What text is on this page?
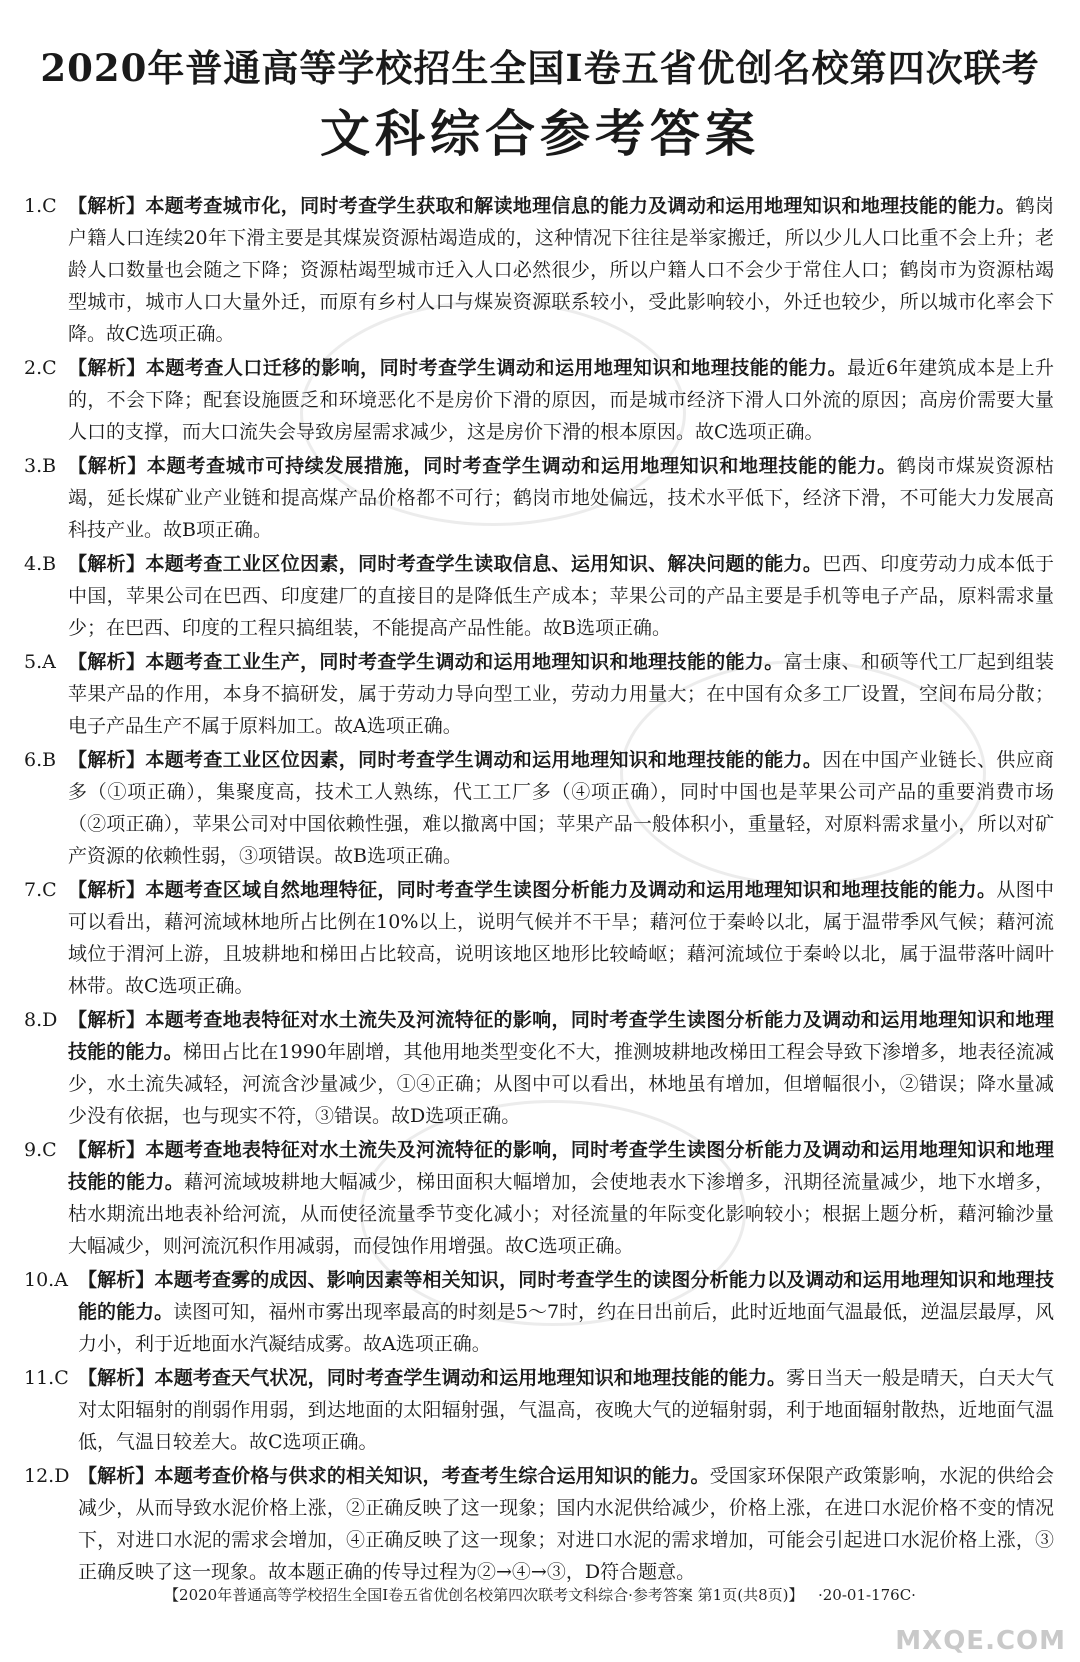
2020年普通高等学校招生全国Ⅰ卷五省优创名校第四次联考
文科综合参考答案
1.C 【解析】本题考查城市化，同时考查学生获取和解读地理信息的能力及调动和运用地理知识和地理技能的能力。鹤岗户籍人口连续20年下滑主要是其煤炭资源枯竭造成的，这种情况下往往是举家搬迁，所以少儿人口比重不会上升；老龄人口数量也会随之下降；资源枯竭型城市迁入人口必然很少，所以户籍人口不会少于常住人口；鹤岗市为资源枯竭型城市，城市人口大量外迁，而原有乡村人口与煤炭资源联系较小，受此影响较小，外迁也较少，所以城市化率会下降。故C选项正确。
2.C 【解析】本题考查人口迁移的影响，同时考查学生调动和运用地理知识和地理技能的能力。最近6年建筑成本是上升的，不会下降；配套设施匮乏和环境恶化不是房价下滑的原因，而是城市经济下滑人口外流的原因；高房价需要大量人口的支撑，而大口流失会导致房屋需求减少，这是房价下滑的根本原因。故C选项正确。
3.B 【解析】本题考查城市可持续发展措施，同时考查学生调动和运用地理知识和地理技能的能力。鹤岗市煤炭资源枯竭，延长煤矿业产业链和提高煤产品价格都不可行；鹤岗市地处偏远，技术水平低下，经济下滑，不可能大力发展高科技产业。故B项正确。
4.B 【解析】本题考查工业区位因素，同时考查学生读取信息、运用知识、解决问题的能力。巴西、印度劳动力成本低于中国，苹果公司在巴西、印度建厂的直接目的是降低生产成本；苹果公司的产品主要是手机等电子产品，原料需求量少；在巴西、印度的工程只搞组装，不能提高产品性能。故B选项正确。
5.A 【解析】本题考查工业生产，同时考查学生调动和运用地理知识和地理技能的能力。富士康、和硕等代工厂起到组装苹果产品的作用，本身不搞研发，属于劳动力导向型工业，劳动力用量大；在中国有众多工厂设置，空间布局分散；电子产品生产不属于原料加工。故A选项正确。
6.B 【解析】本题考查工业区位因素，同时考查学生调动和运用地理知识和地理技能的能力。因在中国产业链长、供应商多（①项正确），集聚度高，技术工人熟练，代工工厂多（④项正确），同时中国也是苹果公司产品的重要消费市场（②项正确），苹果公司对中国依赖性强，难以撤离中国；苹果产品一般体积小，重量轻，对原料需求量小，所以对矿产资源的依赖性弱，③项错误。故B选项正确。
7.C 【解析】本题考查区域自然地理特征，同时考查学生读图分析能力及调动和运用地理知识和地理技能的能力。从图中可以看出，藉河流域林地所占比例在10%以上，说明气候并不干旱；藉河位于秦岭以北，属于温带季风气候；藉河流域位于渭河上游，且坡耕地和梯田占比较高，说明该地区地形比较崎岖；藉河流域位于秦岭以北，属于温带落叶阔叶林带。故C选项正确。
8.D 【解析】本题考查地表特征对水土流失及河流特征的影响，同时考查学生读图分析能力及调动和运用地理知识和地理技能的能力。梯田占比在1990年剧增，其他用地类型变化不大，推测坡耕地改梯田工程会导致下渗增多，地表径流减少，水土流失减轻，河流含沙量减少，①④正确；从图中可以看出，林地虽有增加，但增幅很小，②错误；降水量减少没有依据，也与现实不符，③错误。故D选项正确。
9.C 【解析】本题考查地表特征对水土流失及河流特征的影响，同时考查学生读图分析能力及调动和运用地理知识和地理技能的能力。藉河流域坡耕地大幅减少，梯田面积大幅增加，会使地表水下渗增多，汛期径流量减少，地下水增多，枯水期流出地表补给河流，从而使径流量季节变化减小；对径流量的年际变化影响较小；根据上题分析，藉河输沙量大幅减少，则河流沉积作用减弱，而侵蚀作用增强。故C选项正确。
10.A 【解析】本题考查雾的成因、影响因素等相关知识，同时考查学生的读图分析能力以及调动和运用地理知识和地理技能的能力。读图可知，福州市雾出现率最高的时刻是5～7时，约在日出前后，此时近地面气温最低，逆温层最厚，风力小，利于近地面水汽凝结成雾。故A选项正确。
11.C 【解析】本题考查天气状况，同时考查学生调动和运用地理知识和地理技能的能力。雾日当天一般是晴天，白天大气对太阳辐射的削弱作用弱，到达地面的太阳辐射强，气温高，夜晚大气的逆辐射弱，利于地面辐射散热，近地面气温低，气温日较差大。故C选项正确。
12.D 【解析】本题考查价格与供求的相关知识，考查考生综合运用知识的能力。受国家环保限产政策影响，水泥的供给会减少，从而导致水泥价格上涨，②正确反映了这一现象；国内水泥供给减少，价格上涨，在进口水泥价格不变的情况下，对进口水泥的需求会增加，④正确反映了这一现象；对进口水泥的需求增加，可能会引起进口水泥价格上涨，③正确反映了这一现象。故本题正确的传导过程为②→④→③，D符合题意。
【2020年普通高等学校招生全国Ⅰ卷五省优创名校第四次联考文科综合·参考答案 第1页(共8页)】 ·20-01-176C·
MXQE.COM
